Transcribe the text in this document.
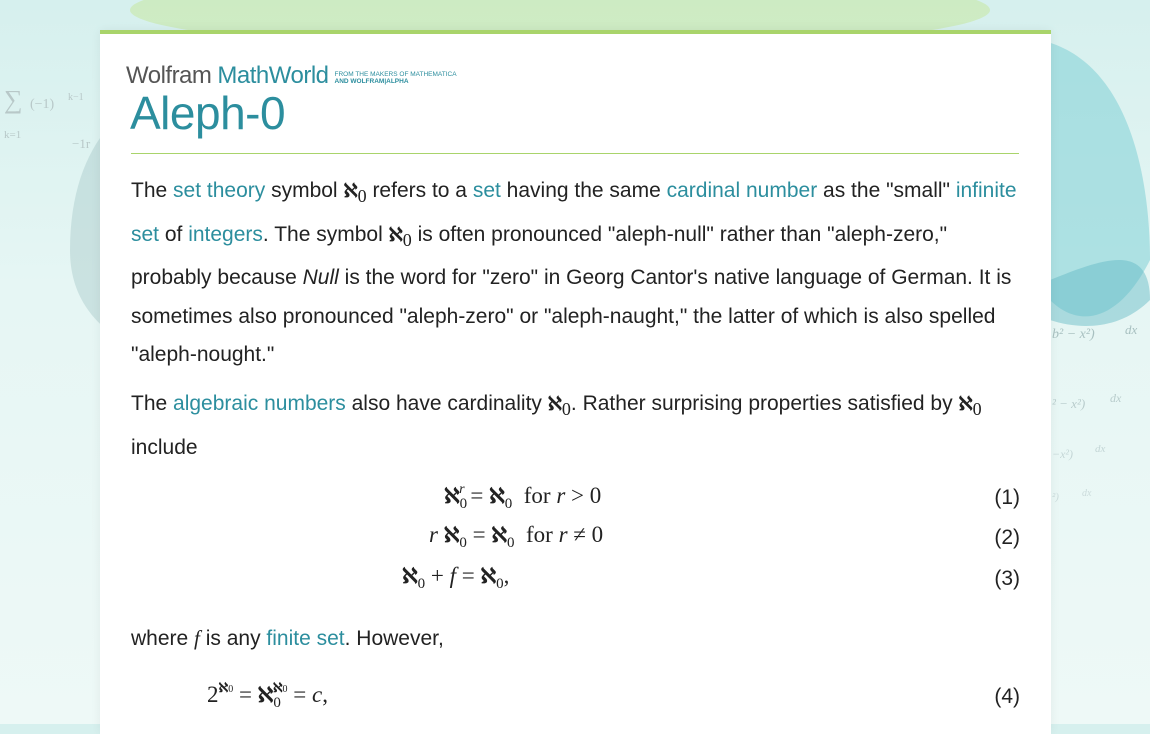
∑ (−1) k−1
k=1
−1r
b² − x²) dx
² − x²) dx
−x²) dx
²) dx
Wolfram MathWorld FROM THE MAKERS OF MATHEMATICA
AND WOLFRAM|ALPHA
Aleph-0

The set theory symbol ℵ0 refers to a set having the same cardinal number as the "small" infinite set of integers. The symbol ℵ0 is often pronounced "aleph-null" rather than "aleph-zero," probably because Null is the word for "zero" in Georg Cantor's native language of German. It is sometimes also pronounced "aleph-zero" or "aleph-naught," the latter of which is also spelled "aleph-nought."

The algebraic numbers also have cardinality ℵ0. Rather surprising properties satisfied by ℵ0 include

ℵ$_0^r$ = ℵ$_0$  for r > 0	(1)
r ℵ$_0$ = ℵ$_0$  for r ≠ 0	(2)
ℵ$_0$ + f = ℵ$_0$,	(3)

where f is any finite set. However,

$2^{ℵ0}$ = ℵ$_0^{ℵ0}$ = c,	(4)
